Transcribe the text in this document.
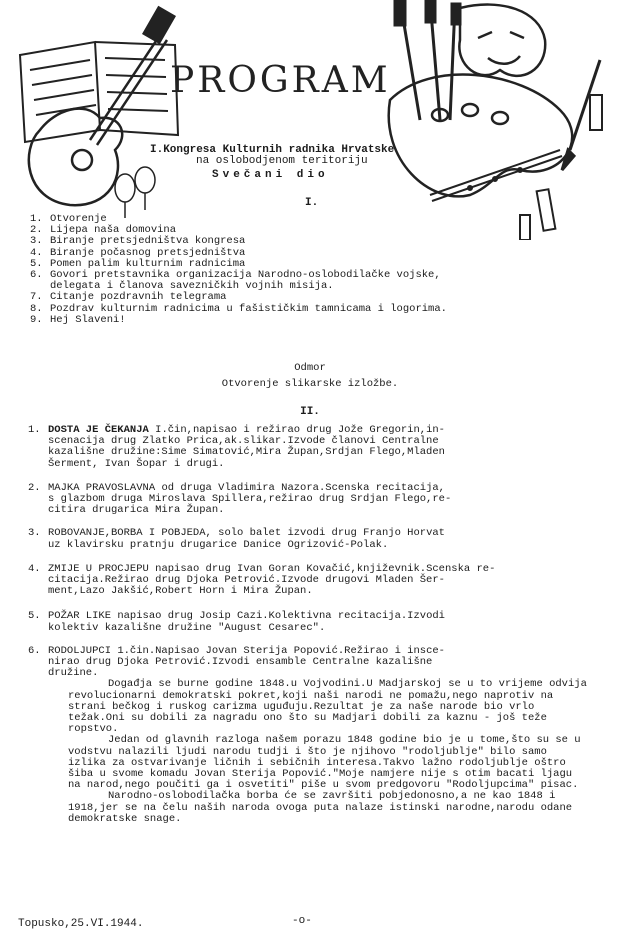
PROGRAM
I.Kongresa Kulturnih radnika Hrvatske
na oslobodjenom teritoriju
Svečani dio
I.
1. Otvorenje
2. Lijepa naša domovina
3. Biranje pretsjedništva kongresa
4. Biranje počasnog pretsjedništva
5. Pomen palim kulturnim radnicima
6. Govori pretstavnika organizacija Narodno-oslobodilačke vojske,
delegata i članova savezničkih vojnih misija.
7. Citanje pozdravnih telegrama
8. Pozdrav kulturnim radnicima u fašističkim tamnicama i logorima.
9. Hej Slaveni!
Odmor
Otvorenje slikarske izložbe.
II.
1. DOSTA JE ČEKANJA I.čin,napisao i režirao drug Jože Gregorin,in-
scenacija drug Zlatko Prica,ak.slikar.Izvode članovi Centralne
kazališne družine:Sime Simatović,Mira Župan,Srdjan Flego,Mladen
Šerment, Ivan Šopar i drugi.
2. MAJKA PRAVOSLAVNA od druga Vladimira Nazora.Scenska recitacija,
s glazbom druga Miroslava Spillera,režirao drug Srdjan Flego,re-
citira drugarica Mira Župan.
3. ROBOVANJE,BORBA I POBJEDA, solo balet izvodi drug Franjo Horvat
uz klavirsku pratnju drugarice Danice Ogrizović-Polak.
4. ZMIJE U PROCJEPU napisao drug Ivan Goran Kovačić,književnik.Scenska re-
citacija.Režirao drug Djoka Petrović.Izvode drugovi Mladen Šer-
ment,Lazo Jakšić,Robert Horn i Mira Župan.
5. POŽAR LIKE napisao drug Josip Cazi.Kolektivna recitacija.Izvodi
kolektiv kazališne družine "August Cesarec".
6. RODOLJUPCI 1.čin.Napisao Jovan Sterija Popović.Režirao i insce-
nirao drug Djoka Petrović.Izvodi ensamble Centralne kazališne
družine.
Događja se burne godine 1848.u Vojvodini.U Madjarskoj se u to vrijeme odvija revolucionarni demokratski pokret,koji naši narodi ne pomažu,nego naprotiv na strani bečkog i ruskog carizma uguđuju.Rezultat je za naše narode bio vrlo težak.Oni su dobili za nagradu ono što su Madjari dobili za kaznu - još teže ropstvo.
Jedan od glavnih razloga našem porazu 1848 godine bio je u tome,što su se u vodstvu nalazili ljudi narodu tudji i što je njihovo "rodoljublje" bilo samo izlika za ostvarivanje ličnih i sebičnih interesa.Takvo lažno rodoljublje oštro šiba u svome komadu Jovan Sterija Popović."Moje namjere nije s otim bacati ljagu na narod,nego poučiti ga i osvetiti" piše u svom predgovoru "Rodoljupcima" pisac.
Narodno-oslobodilačka borba će se završiti pobjedonosno,a ne kao 1848 i 1918,jer se na čelu naših naroda ovoga puta nalaze istinski narodne,narodu odane demokratske snage.
Topusko,25.VI.1944.	-o-
